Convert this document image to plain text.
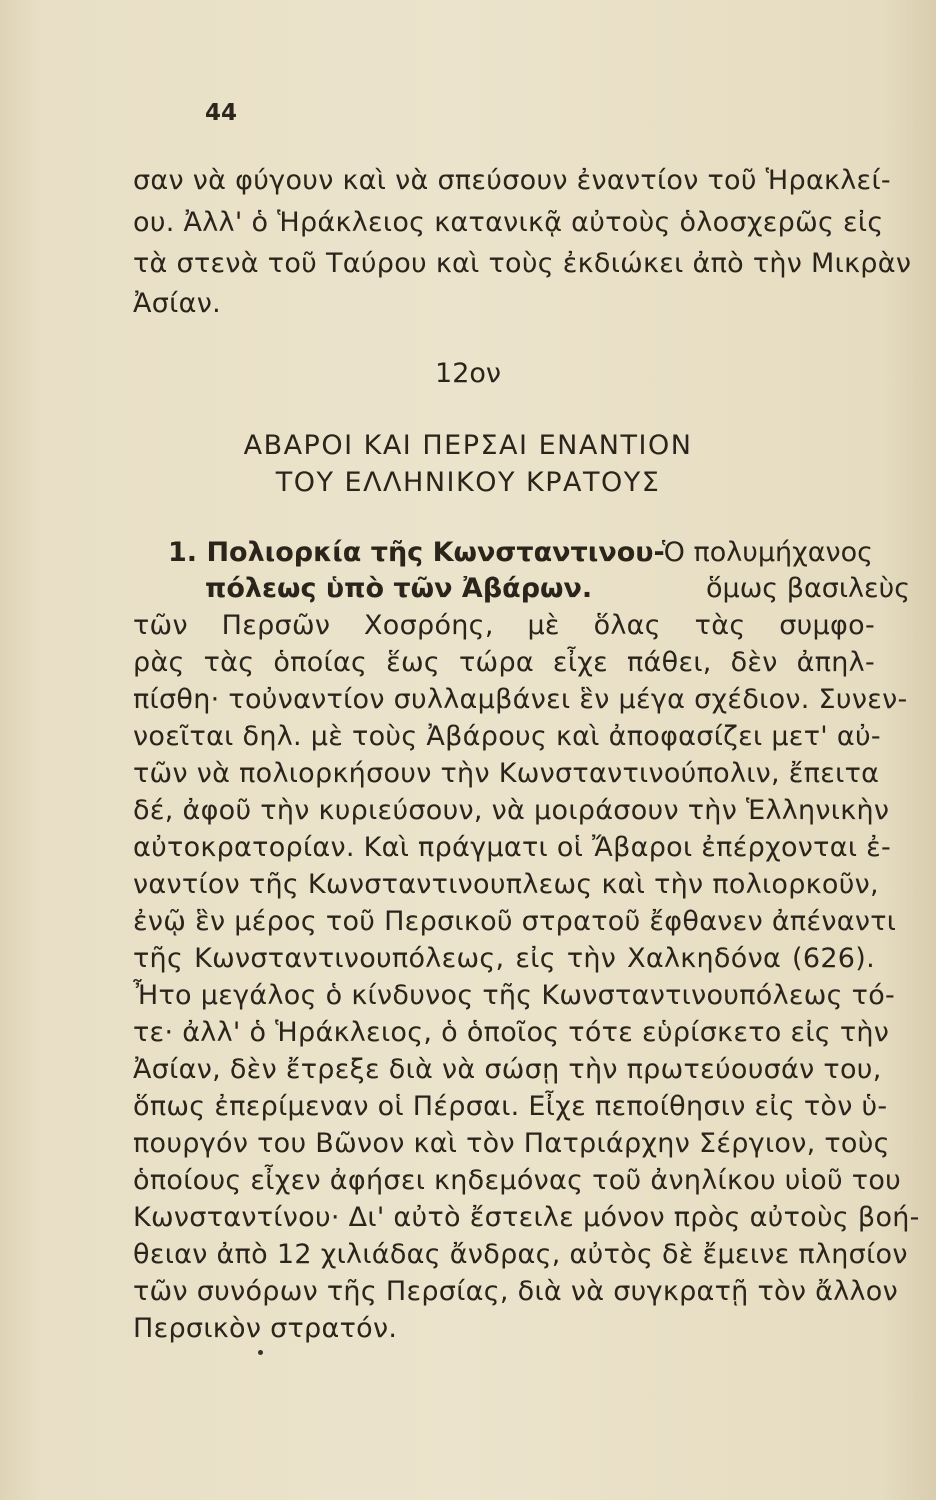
44
σαν νὰ φύγουν καὶ νὰ σπεύσουν ἐναντίον τοῦ Ἡρακλεί-
ου. Ἀλλ' ὁ Ἡράκλειος κατανικᾷ αὐτοὺς ὁλοσχερῶς εἰς
τὰ στενὰ τοῦ Ταύρου καὶ τοὺς ἐκδιώκει ἀπὸ τὴν Μικρὰν
Ἀσίαν.
12ον
ΑΒΑΡΟΙ ΚΑΙ ΠΕΡΣΑΙ ΕΝΑΝΤΙΟΝ
ΤΟΥ ΕΛΛΗΝΙΚΟΥ ΚΡΑΤΟΥΣ
1. Πολιορκία τῆς Κωνσταντινου-
Ὁ πολυμήχανος
πόλεως ὑπὸ τῶν Ἀβάρων.	ὅμως βασιλεὺς
τῶν Περσῶν Χοσρόης, μὲ ὅλας τὰς συμφο-
ρὰς τὰς ὁποίας ἕως τώρα εἶχε πάθει, δὲν ἀπηλ-
πίσθη· τοὐναντίον συλλαμβάνει ἓν μέγα σχέδιον. Συνεν-
νοεῖται δηλ. μὲ τοὺς Ἀβάρους καὶ ἀποφασίζει μετ' αὐ-
τῶν νὰ πολιορκήσουν τὴν Κωνσταντινούπολιν, ἔπειτα
δέ, ἀφοῦ τὴν κυριεύσουν, νὰ μοιράσουν τὴν Ἑλληνικὴν
αὐτοκρατορίαν. Καὶ πράγματι οἱ Ἄβαροι ἐπέρχονται ἐ-
ναντίον τῆς Κωνσταντινουπλεως καὶ τὴν πολιορκοῦν,
ἐνῷ ἓν μέρος τοῦ Περσικοῦ στρατοῦ ἔφθανεν ἀπέναντι
τῆς Κωνσταντινουπόλεως, εἰς τὴν Χαλκηδόνα (626).
Ἦτο μεγάλος ὁ κίνδυνος τῆς Κωνσταντινουπόλεως τό-
τε· ἀλλ' ὁ Ἡράκλειος, ὁ ὁποῖος τότε εὑρίσκετο εἰς τὴν
Ἀσίαν, δὲν ἔτρεξε διὰ νὰ σώσῃ τὴν πρωτεύουσάν του,
ὅπως ἐπερίμεναν οἱ Πέρσαι. Εἶχε πεποίθησιν εἰς τὸν ὑ-
πουργόν του Βῶνον καὶ τὸν Πατριάρχην Σέργιον, τοὺς
ὁποίους εἶχεν ἀφήσει κηδεμόνας τοῦ ἀνηλίκου υἱοῦ του
Κωνσταντίνου· Δι' αὐτὸ ἔστειλε μόνον πρὸς αὐτοὺς βοή-
θειαν ἀπὸ 12 χιλιάδας ἄνδρας, αὐτὸς δὲ ἔμεινε πλησίον
τῶν συνόρων τῆς Περσίας, διὰ νὰ συγκρατῇ τὸν ἄλλον
Περσικὸν στρατόν.
